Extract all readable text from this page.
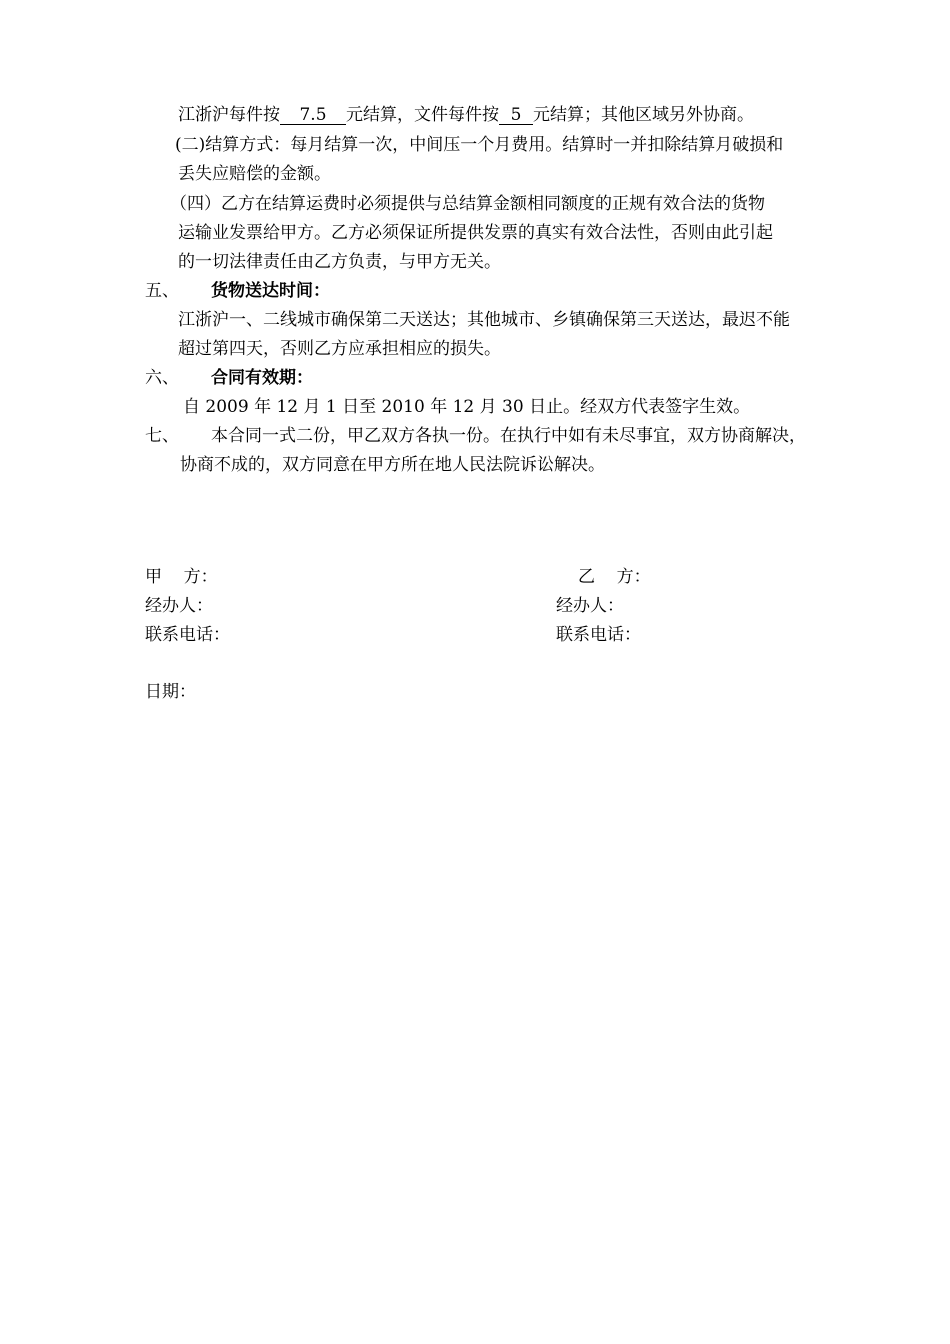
江浙沪每件按 7.5 元结算，文件每件按 5 元结算；其他区域另外协商。
(二)结算方式：每月结算一次，中间压一个月费用。结算时一并扣除结算月破损和
丢失应赔偿的金额。
（四）乙方在结算运费时必须提供与总结算金额相同额度的正规有效合法的货物
运输业发票给甲方。乙方必须保证所提供发票的真实有效合法性，否则由此引起
的一切法律责任由乙方负责，与甲方无关。
五、 货物送达时间：
江浙沪一、二线城市确保第二天送达；其他城市、乡镇确保第三天送达，最迟不能
超过第四天，否则乙方应承担相应的损失。
六、 合同有效期：
自 2009 年 12 月 1 日至 2010 年 12 月 30 日止。经双方代表签字生效。
七、 本合同一式二份，甲乙双方各执一份。在执行中如有未尽事宜，双方协商解决，
协商不成的，双方同意在甲方所在地人民法院诉讼解决。
甲    方：	乙    方：
经办人：	经办人：
联系电话：	联系电话：
日期：
